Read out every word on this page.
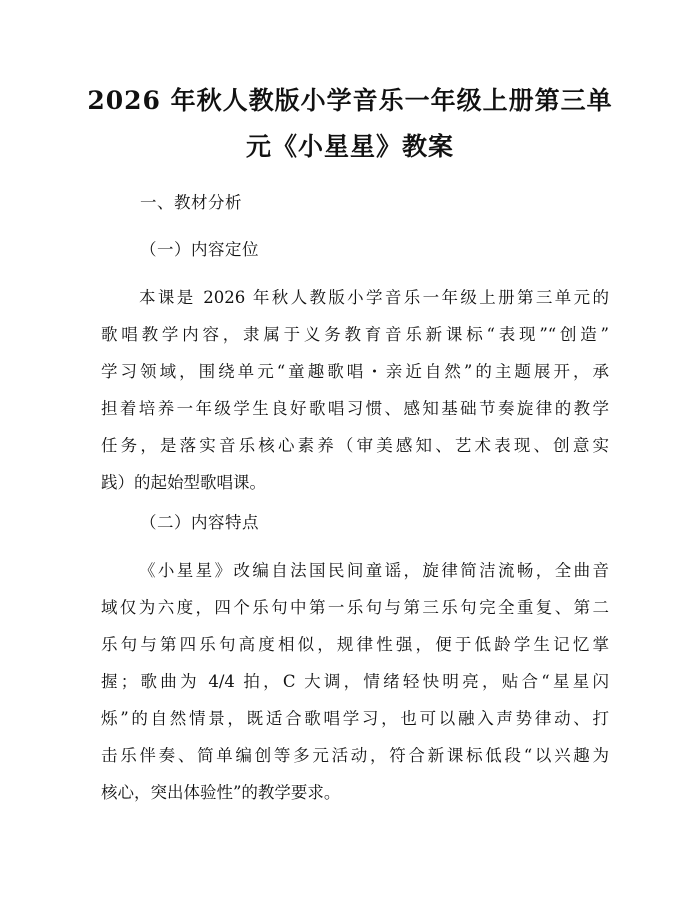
2026 年秋人教版小学音乐一年级上册第三单
元《小星星》教案
一、教材分析
（一）内容定位
本课是 2026 年秋人教版小学音乐一年级上册第三单元的
歌唱教学内容，隶属于义务教育音乐新课标“表现”“创造”
学习领域，围绕单元“童趣歌唱・亲近自然”的主题展开，承
担着培养一年级学生良好歌唱习惯、感知基础节奏旋律的教学
任务，是落实音乐核心素养（审美感知、艺术表现、创意实
践）的起始型歌唱课。
（二）内容特点
《小星星》改编自法国民间童谣，旋律简洁流畅，全曲音
域仅为六度，四个乐句中第一乐句与第三乐句完全重复、第二
乐句与第四乐句高度相似，规律性强，便于低龄学生记忆掌
握；歌曲为 4/4 拍，C 大调，情绪轻快明亮，贴合“星星闪
烁”的自然情景，既适合歌唱学习，也可以融入声势律动、打
击乐伴奏、简单编创等多元活动，符合新课标低段“以兴趣为
核心，突出体验性”的教学要求。
